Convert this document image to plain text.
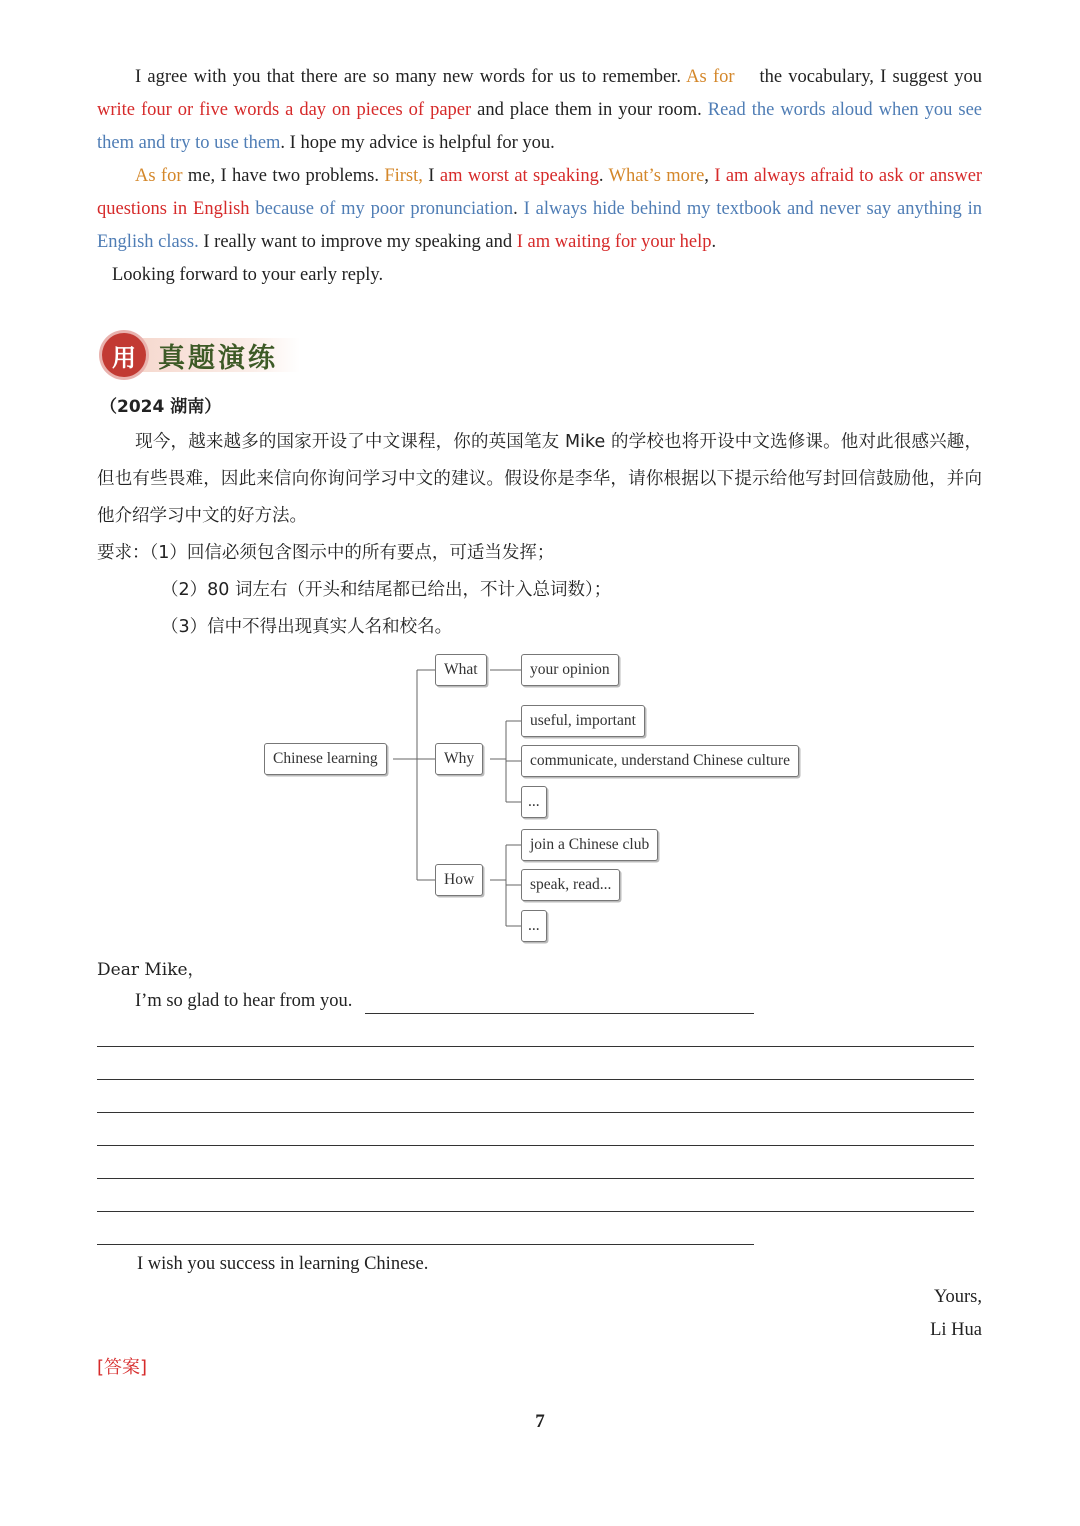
I agree with you that there are so many new words for us to remember. As for the vocabulary, I suggest you write four or five words a day on pieces of paper and place them in your room. Read the words aloud when you see them and try to use them. I hope my advice is helpful for you.
As for me, I have two problems. First, I am worst at speaking. What’s more, I am always afraid to ask or answer questions in English because of my poor pronunciation. I always hide behind my textbook and never say anything in English class. I really want to improve my speaking and I am waiting for your help.
Looking forward to your early reply.
用 真题演练
（2024 湖南）
现今，越来越多的国家开设了中文课程，你的英国笔友 Mike 的学校也将开设中文选修课。他对此很感兴趣，但也有些畏难，因此来信向你询问学习中文的建议。假设你是李华，请你根据以下提示给他写封回信鼓励他，并向他介绍学习中文的好方法。
要求：（1）回信必须包含图示中的所有要点，可适当发挥；
（2）80 词左右（开头和结尾都已给出，不计入总词数）；
（3）信中不得出现真实人名和校名。
Chinese learning
What	your opinion
Why
useful, important
communicate, understand Chinese culture
...
How
join a Chinese club
speak, read...
...
Dear Mike，
I’m so glad to hear from you.
I wish you success in learning Chinese.
Yours,
Li Hua
[答案]
7
